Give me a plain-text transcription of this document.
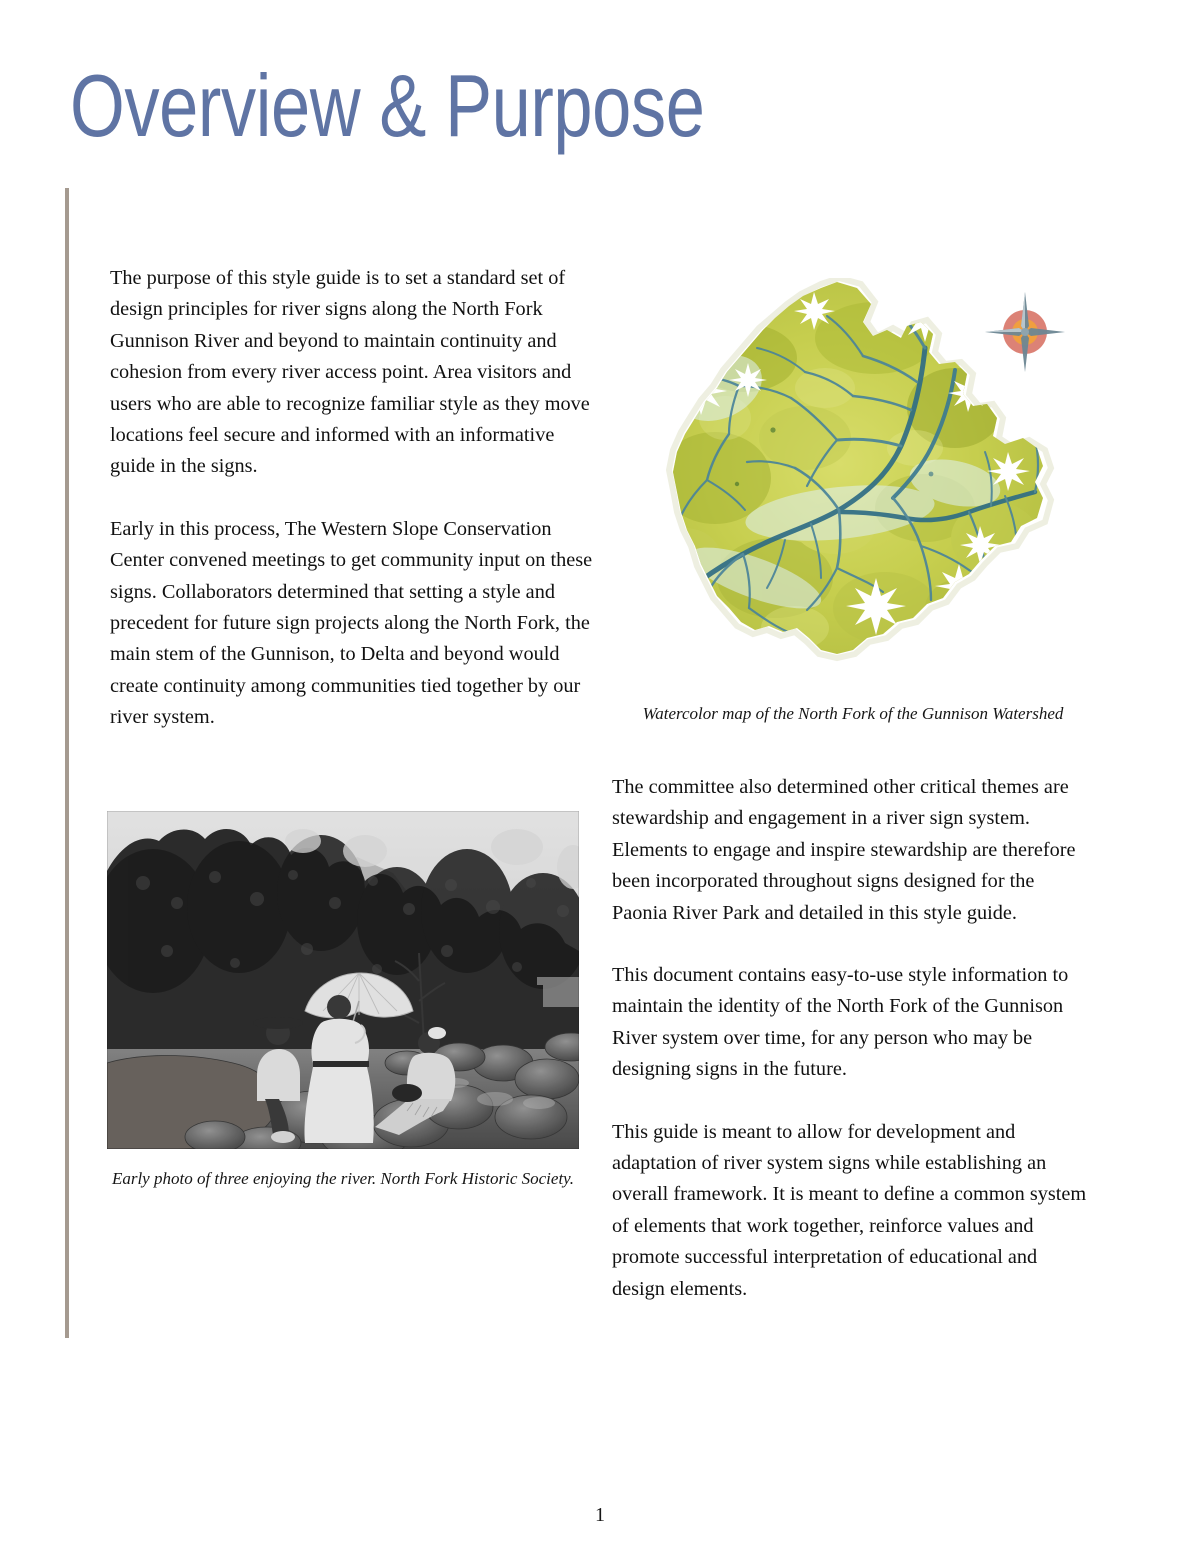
Overview & Purpose

The purpose of this style guide is to set a standard set of design principles for river signs along the North Fork Gunnison River and beyond to maintain continuity and cohesion from every river access point. Area visitors and users who are able to recognize familiar style as they move locations feel secure and informed with an informative guide in the signs.

Early in this process, The Western Slope Conservation Center convened meetings to get community input on these signs. Collaborators determined that setting a style and precedent for future sign projects along the North Fork, the main stem of the Gunnison, to Delta and beyond would create continuity among communities tied together by our river system.	Watercolor map of the North Fork of the Gunnison Watershed
Early photo of three enjoying the river. North Fork Historic Society.

The committee also determined other critical themes are stewardship and engagement in a river sign system. Elements to engage and inspire stewardship are therefore been incorporated throughout signs designed for the Paonia River Park and detailed in this style guide.

This document contains easy-to-use style information to maintain the identity of the North Fork of the Gunnison River system over time, for any person who may be designing signs in the future.

This guide is meant to allow for development and adaptation of river system signs while establishing an overall framework. It is meant to define a common system of elements that work together, reinforce values and promote successful interpretation of educational and design elements.

1
